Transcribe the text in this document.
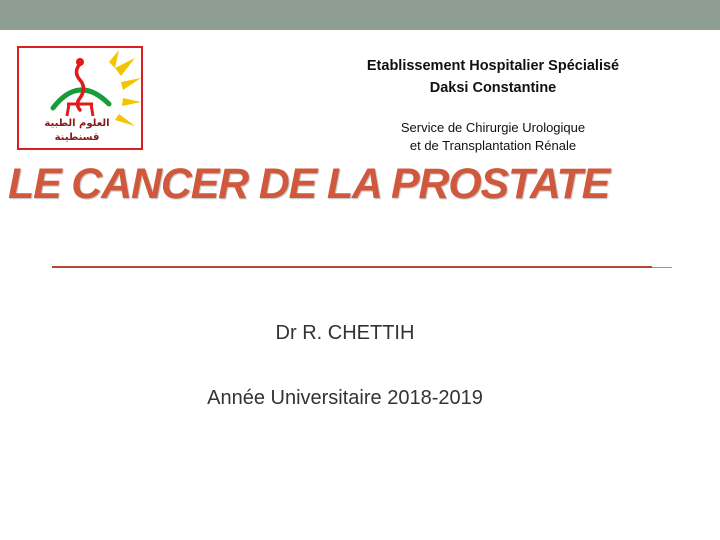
العلوم الطبية
قسنطينة
Etablissement Hospitalier Spécialisé
Daksi Constantine
Service de Chirurgie Urologique
et de Transplantation Rénale
LE CANCER DE LA PROSTATE
Dr R. CHETTIH
Année Universitaire 2018-2019
